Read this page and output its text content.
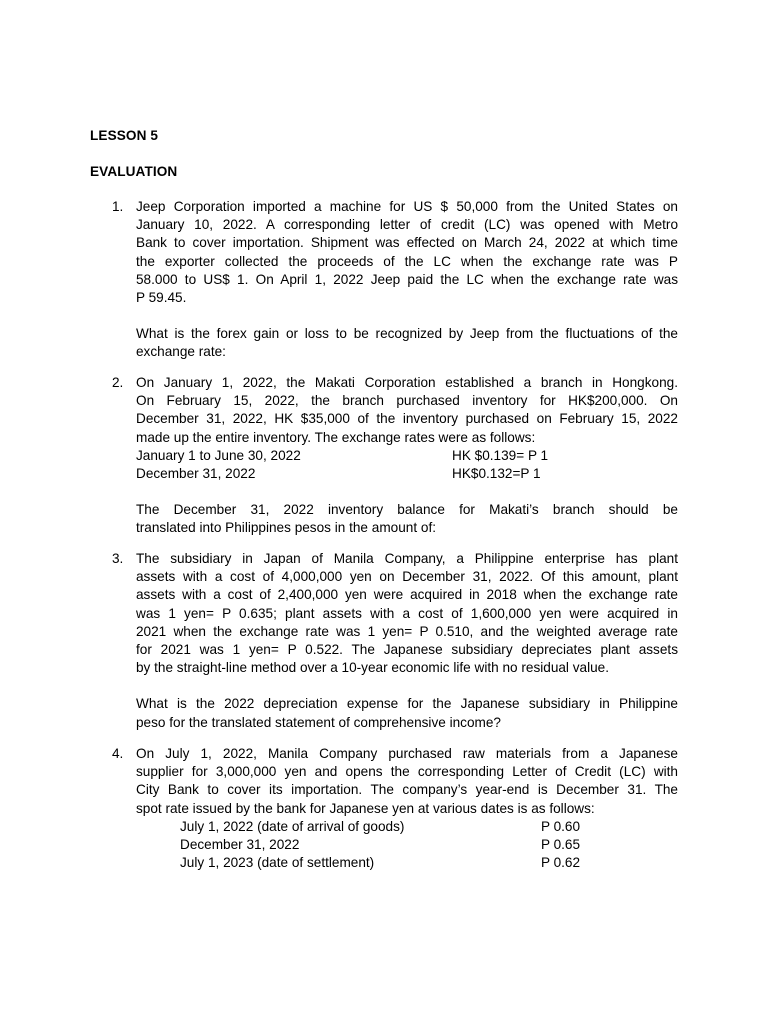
LESSON 5
EVALUATION
1. Jeep Corporation imported a machine for US $ 50,000 from the United States on

January 10, 2022. A corresponding letter of credit (LC) was opened with Metro

Bank to cover importation. Shipment was effected on March 24, 2022 at which time

the exporter collected the proceeds of the LC when the exchange rate was P

58.000 to US$ 1. On April 1, 2022 Jeep paid the LC when the exchange rate was

P 59.45.

What is the forex gain or loss to be recognized by Jeep from the fluctuations of the

exchange rate:

2. On January 1, 2022, the Makati Corporation established a branch in Hongkong.

On February 15, 2022, the branch purchased inventory for HK$200,000. On

December 31, 2022, HK $35,000 of the inventory purchased on February 15, 2022

made up the entire inventory. The exchange rates were as follows:

January 1 to June 30, 2022	HK $0.139= P 1
December 31, 2022	HK$0.132=P 1

The December 31, 2022 inventory balance for Makati’s branch should be

translated into Philippines pesos in the amount of:

3. The subsidiary in Japan of Manila Company, a Philippine enterprise has plant

assets with a cost of 4,000,000 yen on December 31, 2022. Of this amount, plant

assets with a cost of 2,400,000 yen were acquired in 2018 when the exchange rate

was 1 yen= P 0.635; plant assets with a cost of 1,600,000 yen were acquired in

2021 when the exchange rate was 1 yen= P 0.510, and the weighted average rate

for 2021 was 1 yen= P 0.522. The Japanese subsidiary depreciates plant assets

by the straight-line method over a 10-year economic life with no residual value.

What is the 2022 depreciation expense for the Japanese subsidiary in Philippine

peso for the translated statement of comprehensive income?

4. On July 1, 2022, Manila Company purchased raw materials from a Japanese

supplier for 3,000,000 yen and opens the corresponding Letter of Credit (LC) with

City Bank to cover its importation. The company’s year-end is December 31. The

spot rate issued by the bank for Japanese yen at various dates is as follows:

July 1, 2022 (date of arrival of goods)	P 0.60
December 31, 2022	P 0.65
July 1, 2023 (date of settlement)	P 0.62
